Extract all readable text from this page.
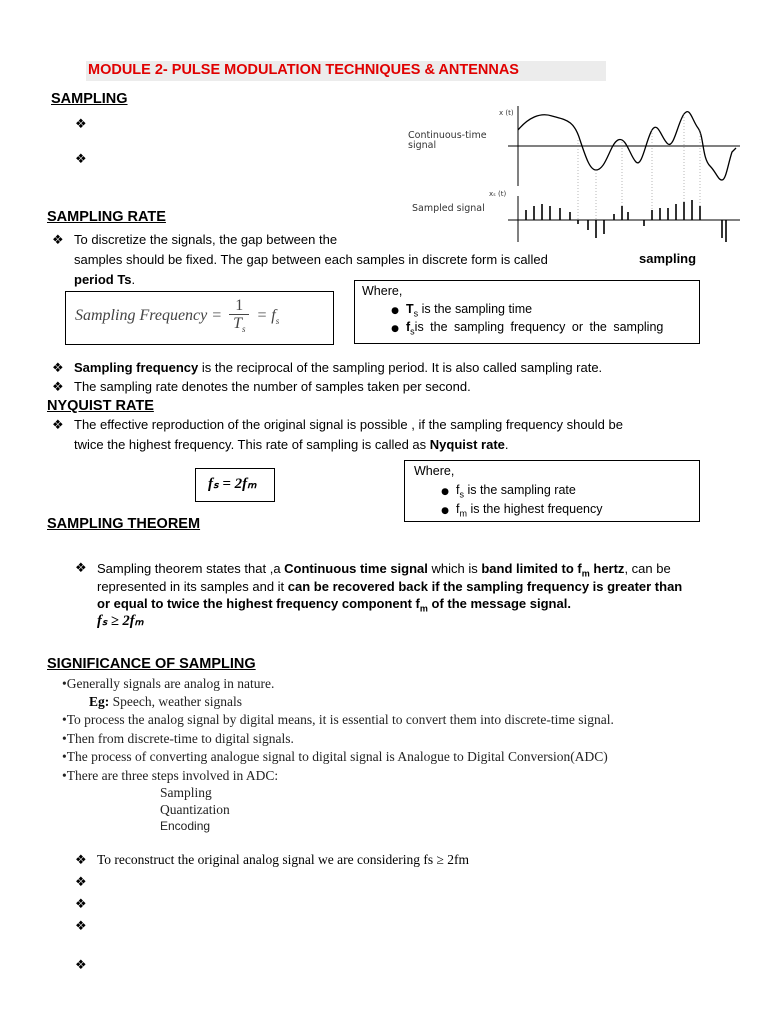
MODULE 2- PULSE MODULATION TECHNIQUES & ANTENNAS
SAMPLING
❖
❖
x (t)
Continuous-time
signal
xₛ (t)
Sampled signal
SAMPLING RATE
❖ To discretize the signals, the gap between the
samples should be fixed. The gap between each samples in discrete form is called	sampling
period Ts.
Sampling Frequency = $\frac{1}{T_s} = f_s$
Where,
● $T_s$ is the sampling time
● $f_sis$ the sampling frequency or the sampling
❖ Sampling frequency is the reciprocal of the sampling period. It is also called sampling rate.
❖ The sampling rate denotes the number of samples taken per second.
NYQUIST RATE
❖ The effective reproduction of the original signal is possible , if the sampling frequency should be
twice the highest frequency. This rate of sampling is called as Nyquist rate.
fₛ = 2fₘ
Where,
● $f_s$ is the sampling rate
● $f_m$ is the highest frequency
SAMPLING THEOREM
❖ Sampling theorem states that ,a Continuous time signal which is band limited to $f_m$ hertz, can be
represented in its samples and it can be recovered back if the sampling frequency is greater than
or equal to twice the highest frequency component $f_m$ of the message signal.
fₛ ≥ 2fₘ
SIGNIFICANCE OF SAMPLING
•Generally signals are analog in nature.
Eg: Speech, weather signals
•To process the analog signal by digital means, it is essential to convert them into discrete-time signal.
•Then from discrete-time to digital signals.
•The process of converting analogue signal to digital signal is Analogue to Digital Conversion(ADC)
•There are three steps involved in ADC:
Sampling
Quantization
Encoding
❖ To reconstruct the original analog signal we are considering fs ≥ 2fm
❖
❖
❖
❖
